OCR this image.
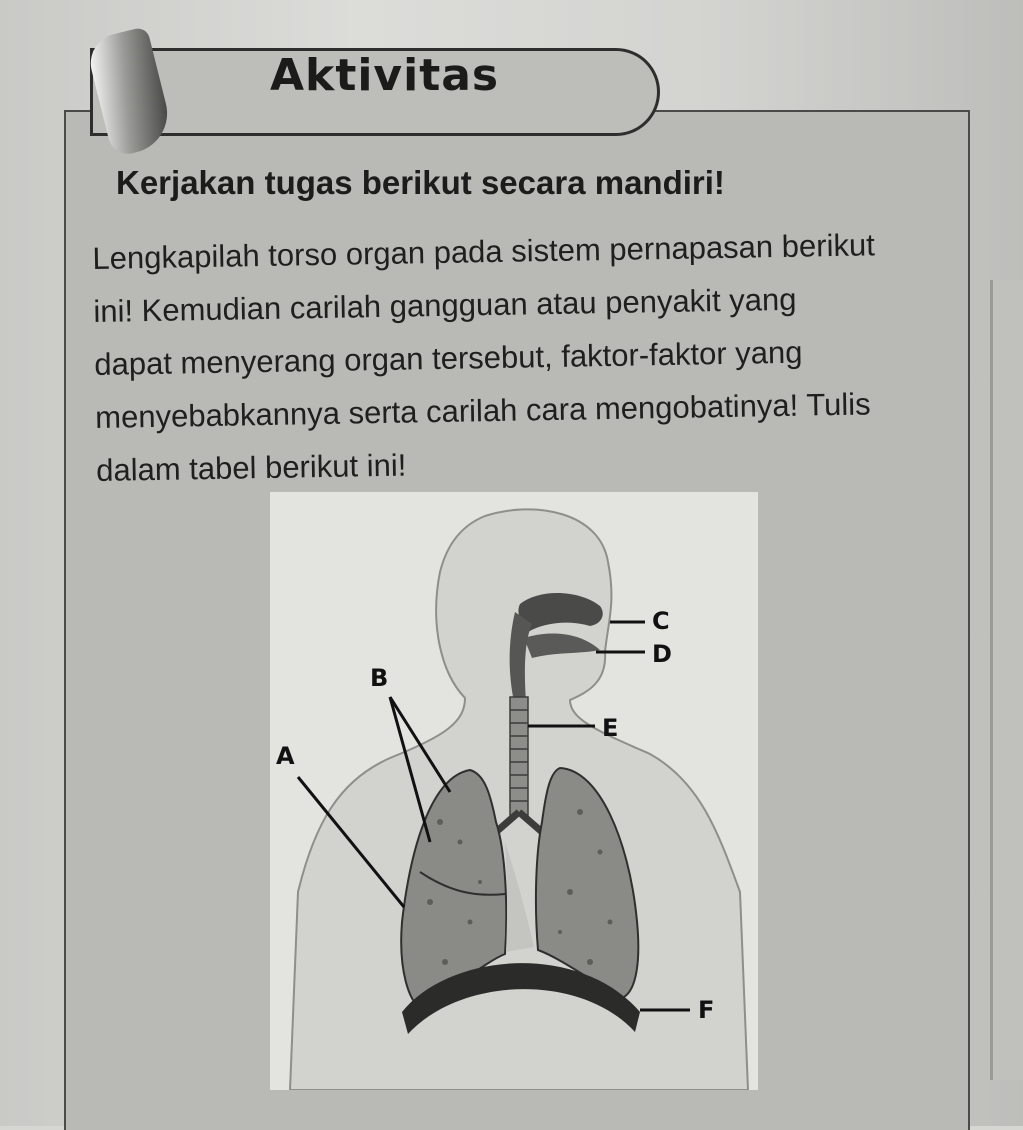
Aktivitas
Kerjakan tugas berikut secara mandiri!
Lengkapilah torso organ pada sistem pernapasan berikut
ini! Kemudian carilah gangguan atau penyakit yang
dapat menyerang organ tersebut, faktor-faktor yang
menyebabkannya serta carilah cara mengobatinya! Tulis
dalam tabel berikut ini!
C
D
B
E
A
F
